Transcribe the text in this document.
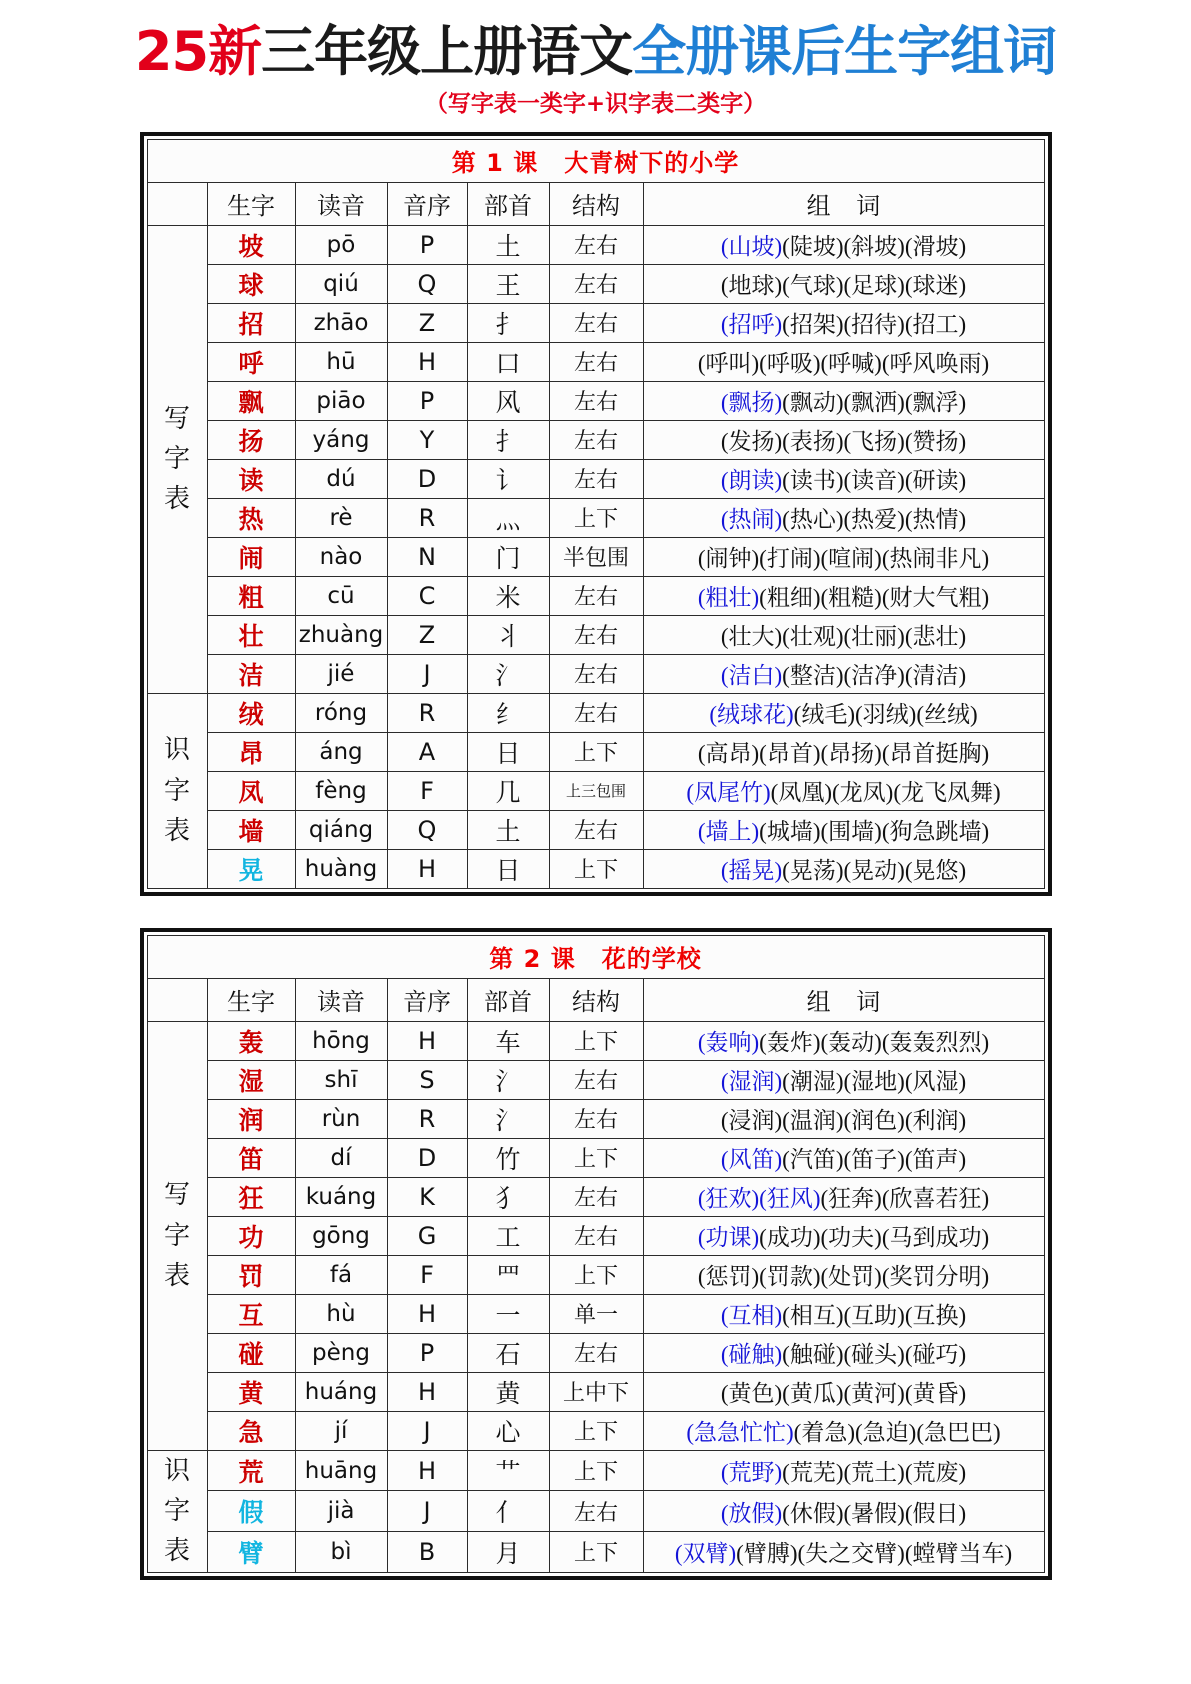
25新三年级上册语文全册课后生字组词
（写字表一类字+识字表二类字）
第 1 课 大青树下的小学						
	生字	读音	音序	部首	结构	组 词

写
字
表	坡	pō	P	土	左右	(山坡)(陡坡)(斜坡)(滑坡)
	球	qiú	Q	王	左右	(地球)(气球)(足球)(球迷)
	招	zhāo	Z	扌	左右	(招呼)(招架)(招待)(招工)
	呼	hū	H	口	左右	(呼叫)(呼吸)(呼喊)(呼风唤雨)
	飘	piāo	P	风	左右	(飘扬)(飘动)(飘洒)(飘浮)
	扬	yáng	Y	扌	左右	(发扬)(表扬)(飞扬)(赞扬)
	读	dú	D	讠	左右	(朗读)(读书)(读音)(研读)
	热	rè	R	灬	上下	(热闹)(热心)(热爱)(热情)
	闹	nào	N	门	半包围	(闹钟)(打闹)(喧闹)(热闹非凡)
	粗	cū	C	米	左右	(粗壮)(粗细)(粗糙)(财大气粗)
	壮	zhuàng	Z	丬	左右	(壮大)(壮观)(壮丽)(悲壮)
	洁	jié	J	氵	左右	(洁白)(整洁)(洁净)(清洁)

识
字
表	绒	róng	R	纟	左右	(绒球花)(绒毛)(羽绒)(丝绒)
	昂	áng	A	日	上下	(高昂)(昂首)(昂扬)(昂首挺胸)
	凤	fèng	F	几	上三包围	(凤尾竹)(凤凰)(龙凤)(龙飞凤舞)
	墙	qiáng	Q	土	左右	(墙上)(城墙)(围墙)(狗急跳墙)
	晃	huàng	H	日	上下	(摇晃)(晃荡)(晃动)(晃悠)
第 2 课 花的学校						
	生字	读音	音序	部首	结构	组 词

写
字
表	轰	hōng	H	车	上下	(轰响)(轰炸)(轰动)(轰轰烈烈)
	湿	shī	S	氵	左右	(湿润)(潮湿)(湿地)(风湿)
	润	rùn	R	氵	左右	(浸润)(温润)(润色)(利润)
	笛	dí	D	竹	上下	(风笛)(汽笛)(笛子)(笛声)
	狂	kuáng	K	犭	左右	(狂欢)(狂风)(狂奔)(欣喜若狂)
	功	gōng	G	工	左右	(功课)(成功)(功夫)(马到成功)
	罚	fá	F	罒	上下	(惩罚)(罚款)(处罚)(奖罚分明)
	互	hù	H	一	单一	(互相)(相互)(互助)(互换)
	碰	pèng	P	石	左右	(碰触)(触碰)(碰头)(碰巧)
	黄	huáng	H	黄	上中下	(黄色)(黄瓜)(黄河)(黄昏)
	急	jí	J	心	上下	(急急忙忙)(着急)(急迫)(急巴巴)

识
字
表	荒	huāng	H	艹	上下	(荒野)(荒芜)(荒土)(荒废)
	假	jià	J	亻	左右	(放假)(休假)(暑假)(假日)
	臂	bì	B	月	上下	(双臂)(臂膊)(失之交臂)(螳臂当车)
